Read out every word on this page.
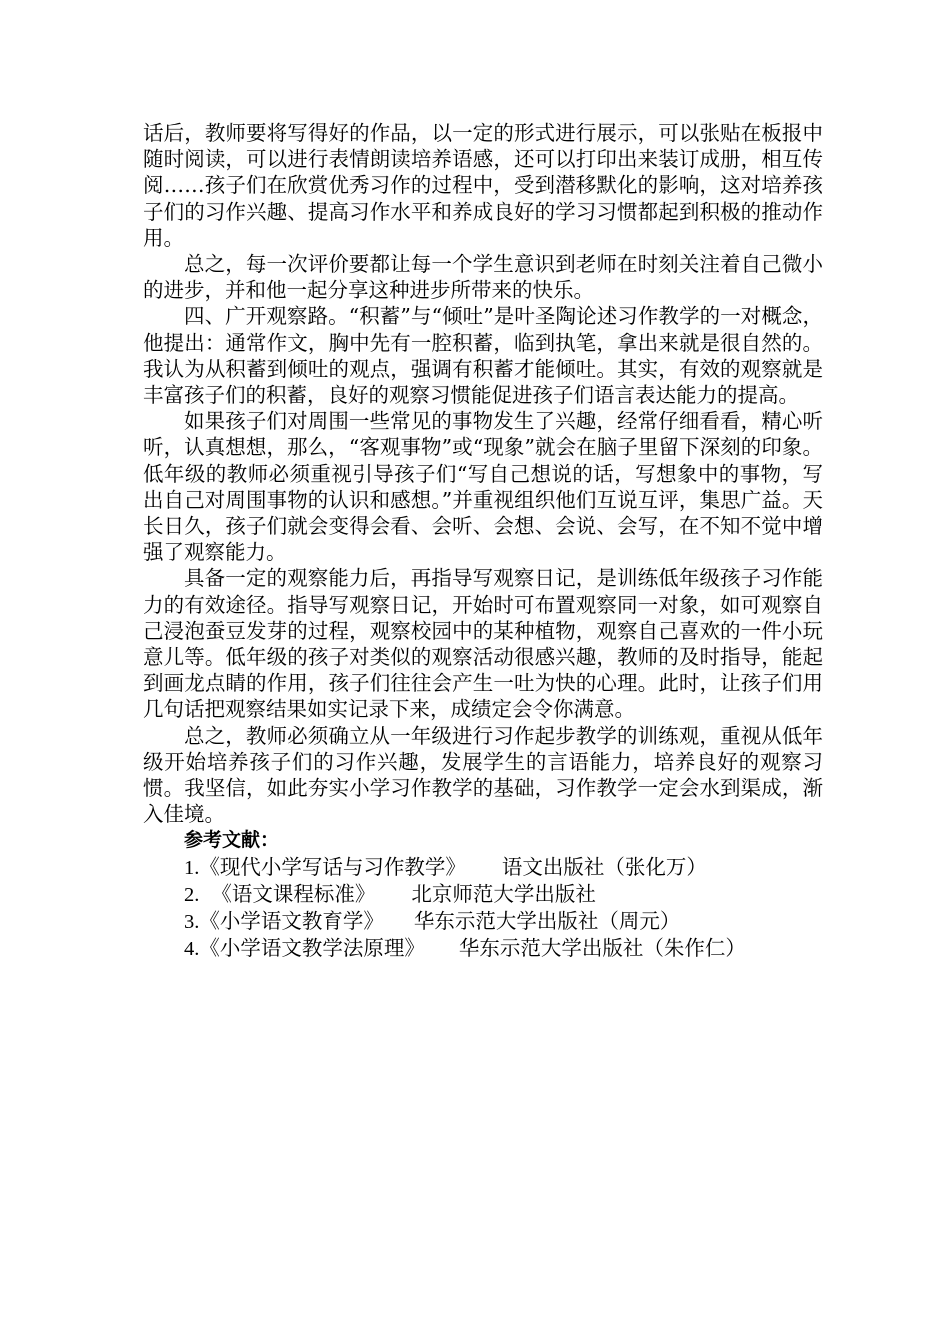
话后，教师要将写得好的作品，以一定的形式进行展示，可以张贴在板报中随时阅读，可以进行表情朗读培养语感，还可以打印出来装订成册，相互传阅……孩子们在欣赏优秀习作的过程中，受到潜移默化的影响，这对培养孩子们的习作兴趣、提高习作水平和养成良好的学习习惯都起到积极的推动作用。

总之，每一次评价要都让每一个学生意识到老师在时刻关注着自己微小的进步，并和他一起分享这种进步所带来的快乐。

四、广开观察路。“积蓄”与“倾吐”是叶圣陶论述习作教学的一对概念，他提出：通常作文，胸中先有一腔积蓄，临到执笔，拿出来就是很自然的。我认为从积蓄到倾吐的观点，强调有积蓄才能倾吐。其实，有效的观察就是丰富孩子们的积蓄，良好的观察习惯能促进孩子们语言表达能力的提高。

如果孩子们对周围一些常见的事物发生了兴趣，经常仔细看看，精心听听，认真想想，那么，“客观事物”或“现象”就会在脑子里留下深刻的印象。低年级的教师必须重视引导孩子们“写自己想说的话，写想象中的事物，写出自己对周围事物的认识和感想。”并重视组织他们互说互评，集思广益。天长日久，孩子们就会变得会看、会听、会想、会说、会写，在不知不觉中增强了观察能力。

具备一定的观察能力后，再指导写观察日记，是训练低年级孩子习作能力的有效途径。指导写观察日记，开始时可布置观察同一对象，如可观察自己浸泡蚕豆发芽的过程，观察校园中的某种植物，观察自己喜欢的一件小玩意儿等。低年级的孩子对类似的观察活动很感兴趣，教师的及时指导，能起到画龙点睛的作用，孩子们往往会产生一吐为快的心理。此时，让孩子们用几句话把观察结果如实记录下来，成绩定会令你满意。

总之，教师必须确立从一年级进行习作起步教学的训练观，重视从低年级开始培养孩子们的习作兴趣，发展学生的言语能力，培养良好的观察习惯。我坚信，如此夯实小学习作教学的基础，习作教学一定会水到渠成，渐入佳境。

参考文献：
1.《现代小学写话与习作教学》 语文出版社（张化万）
2. 《语文课程标准》 北京师范大学出版社
3.《小学语文教育学》 华东示范大学出版社（周元）
4.《小学语文教学法原理》 华东示范大学出版社（朱作仁）
